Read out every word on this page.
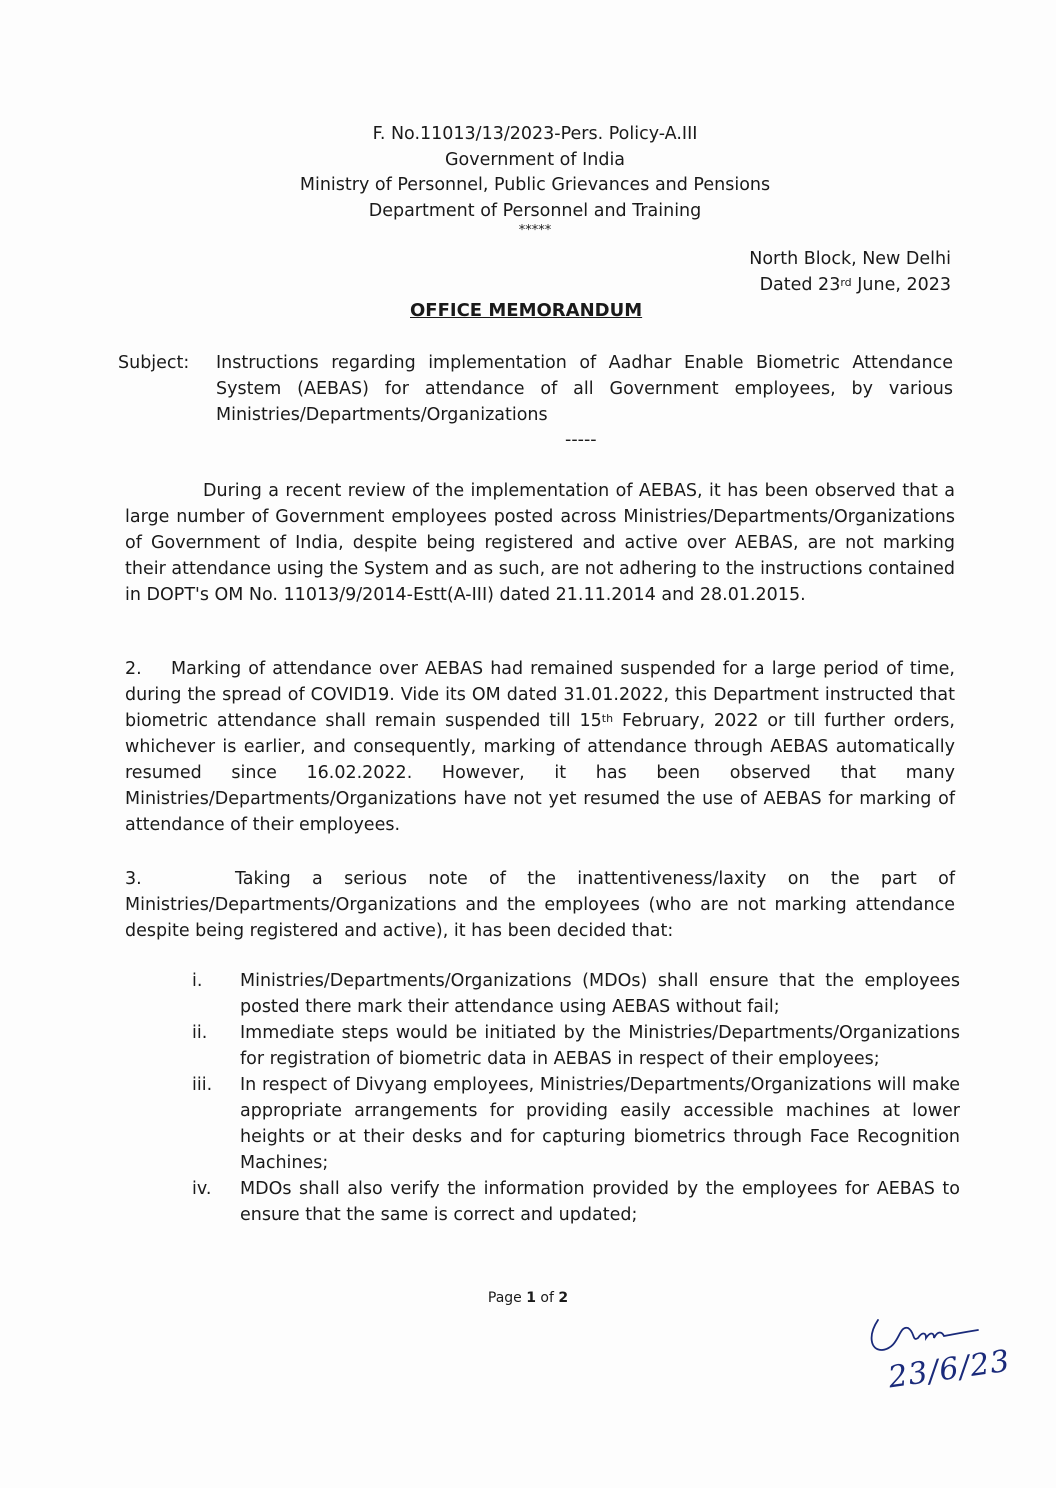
F. No.11013/13/2023-Pers. Policy-A.III
Government of India
Ministry of Personnel, Public Grievances and Pensions
Department of Personnel and Training
*****
North Block, New Delhi
Dated 23rd June, 2023
OFFICE MEMORANDUM
Subject:	Instructions regarding implementation of Aadhar Enable Biometric Attendance System (AEBAS) for attendance of all Government employees, by various Ministries/Departments/Organizations
-----
During a recent review of the implementation of AEBAS, it has been observed that a large number of Government employees posted across Ministries/Departments/Organizations of Government of India, despite being registered and active over AEBAS, are not marking their attendance using the System and as such, are not adhering to the instructions contained in DOPT's OM No. 11013/9/2014-Estt(A-III) dated 21.11.2014 and 28.01.2015.
2. Marking of attendance over AEBAS had remained suspended for a large period of time, during the spread of COVID19. Vide its OM dated 31.01.2022, this Department instructed that biometric attendance shall remain suspended till 15th February, 2022 or till further orders, whichever is earlier, and consequently, marking of attendance through AEBAS automatically resumed since 16.02.2022. However, it has been observed that many Ministries/Departments/Organizations have not yet resumed the use of AEBAS for marking of attendance of their employees.
3.	Taking a serious note of the inattentiveness/laxity on the part of Ministries/Departments/Organizations and the employees (who are not marking attendance despite being registered and active), it has been decided that:
i.	Ministries/Departments/Organizations (MDOs) shall ensure that the employees posted there mark their attendance using AEBAS without fail;
ii.	Immediate steps would be initiated by the Ministries/Departments/Organizations for registration of biometric data in AEBAS in respect of their employees;
iii.	In respect of Divyang employees, Ministries/Departments/Organizations will make appropriate arrangements for providing easily accessible machines at lower heights or at their desks and for capturing biometrics through Face Recognition Machines;
iv.	MDOs shall also verify the information provided by the employees for AEBAS to ensure that the same is correct and updated;
Page 1 of 2
23/6/23
